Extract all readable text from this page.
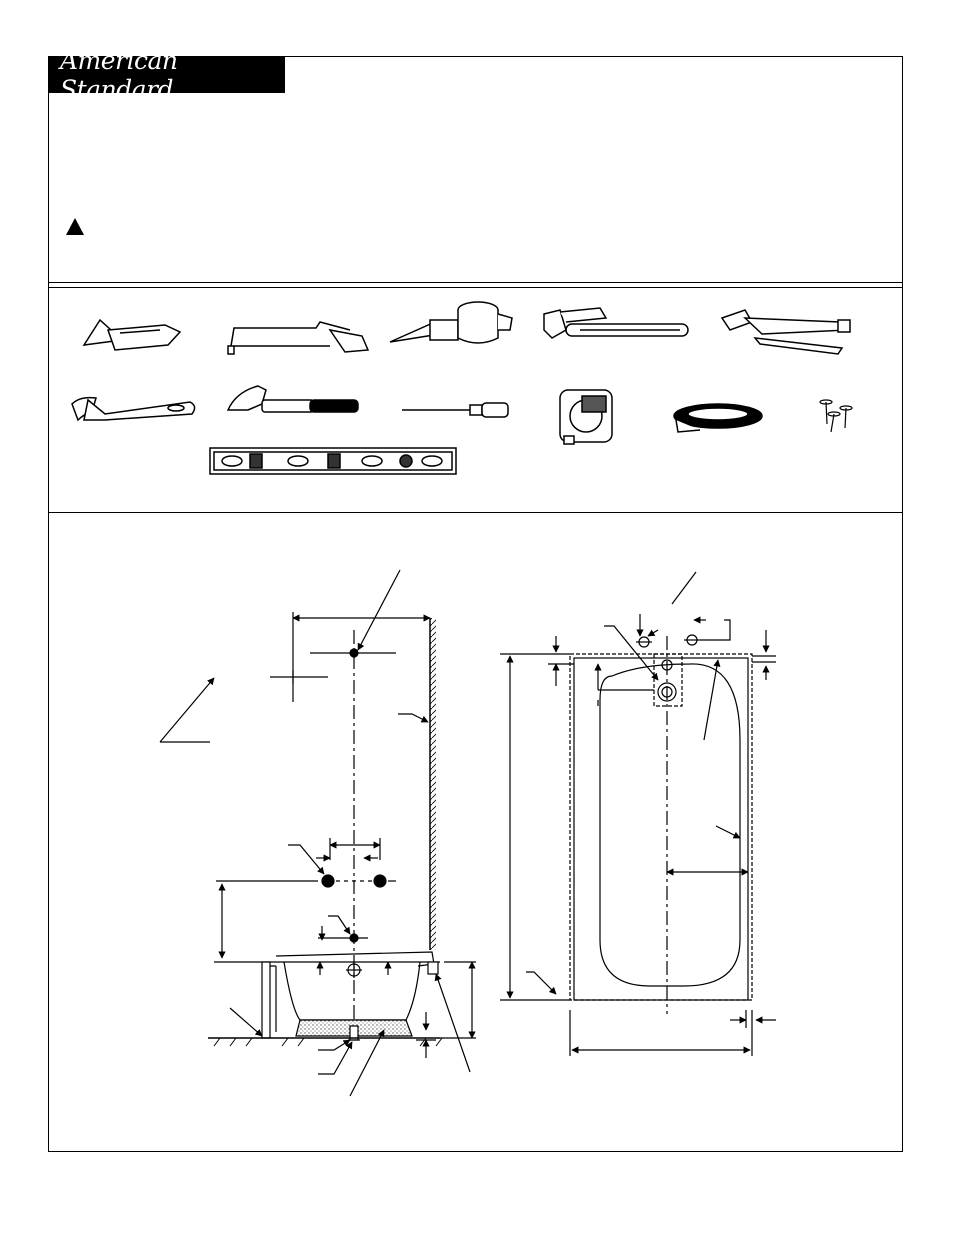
American Standard
